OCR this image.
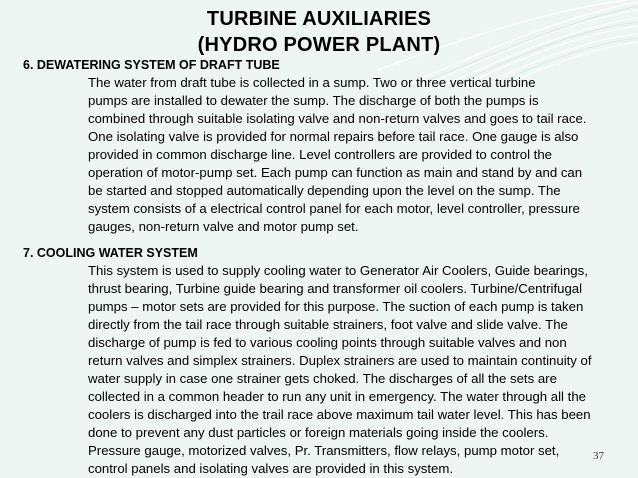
TURBINE AUXILIARIES
(HYDRO POWER PLANT)
6. DEWATERING SYSTEM OF DRAFT TUBE
The water from draft tube is collected in a sump. Two or three vertical turbine
pumps are installed to dewater the sump. The discharge of both the pumps is
combined through suitable isolating valve and non-return valves and goes to tail race.
One isolating valve is provided for normal repairs before tail race. One gauge is also
provided in common discharge line. Level controllers are provided to control the
operation of motor-pump set. Each pump can function as main and stand by and can
be started and stopped automatically depending upon the level on the sump. The
system consists of a electrical control panel for each motor, level controller, pressure
gauges, non-return valve and motor pump set.
7. COOLING WATER SYSTEM
This system is used to supply cooling water to Generator Air Coolers, Guide bearings,
thrust bearing, Turbine guide bearing and transformer oil coolers. Turbine/Centrifugal
pumps – motor sets are provided for this purpose. The suction of each pump is taken
directly from the tail race through suitable strainers, foot valve and slide valve. The
discharge of pump is fed to various cooling points through suitable valves and non
return valves and simplex strainers. Duplex strainers are used to maintain continuity of
water supply in case one strainer gets choked. The discharges of all the sets are
collected in a common header to run any unit in emergency. The water through all the
coolers is discharged into the trail race above maximum tail water level. This has been
done to prevent any dust particles or foreign materials going inside the coolers.
Pressure gauge, motorized valves, Pr. Transmitters, flow relays, pump motor set,
control panels and isolating valves are provided in this system.
37
